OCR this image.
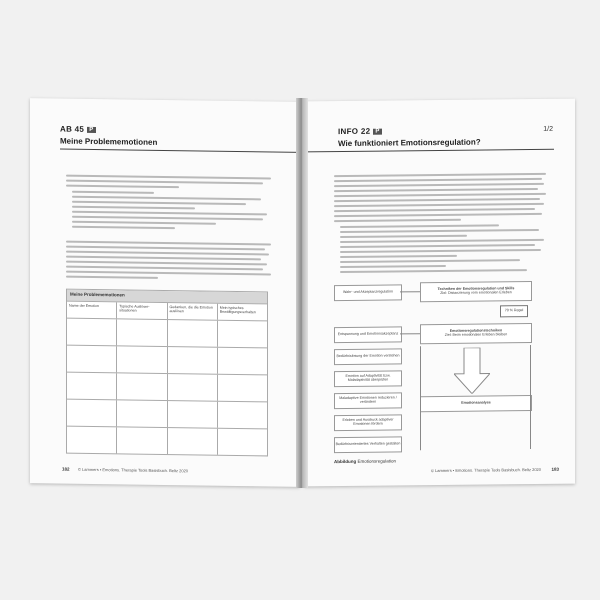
AB 45 P
Meine Problememotionen
Meine Problememotionen
Name der Emotion	Typische Auslösersituationen
Gedanken, die die Emotion auslösen
Mein typisches Bewältigungsverhalten
182 © Lammers • Emotions. Therapie Tools Basisbuch. Beltz 2020
INFO 22 P	1/2
Wie funktioniert Emotionsregulation?
Wahr- und Akzeptanzregulation
Entspannung und Emotionsakzeptanz
Bedürfnislosung der Emotion verstehen
Emotion auf Adaptivität bzw. Maladaptivität überprüfen
Maladaptive Emotionen reduzieren / verändern
Erleben und Ausdruck adaptiver Emotionen fördern
Bedürfnisorientiertes Verhalten gestalten
Techniken der Emotionsregulation und Skills
Ziel: Distanzierung vom emotionalen Erleben
70 % Regel
Emotionsregulationstechniken
Ziel: Beim emotionalen Erleben bleiben
Emotionsanalyse
Abbildung Emotionsregulation
© Lammers • Emotions. Therapie Tools Basisbuch. Beltz 2020 183
